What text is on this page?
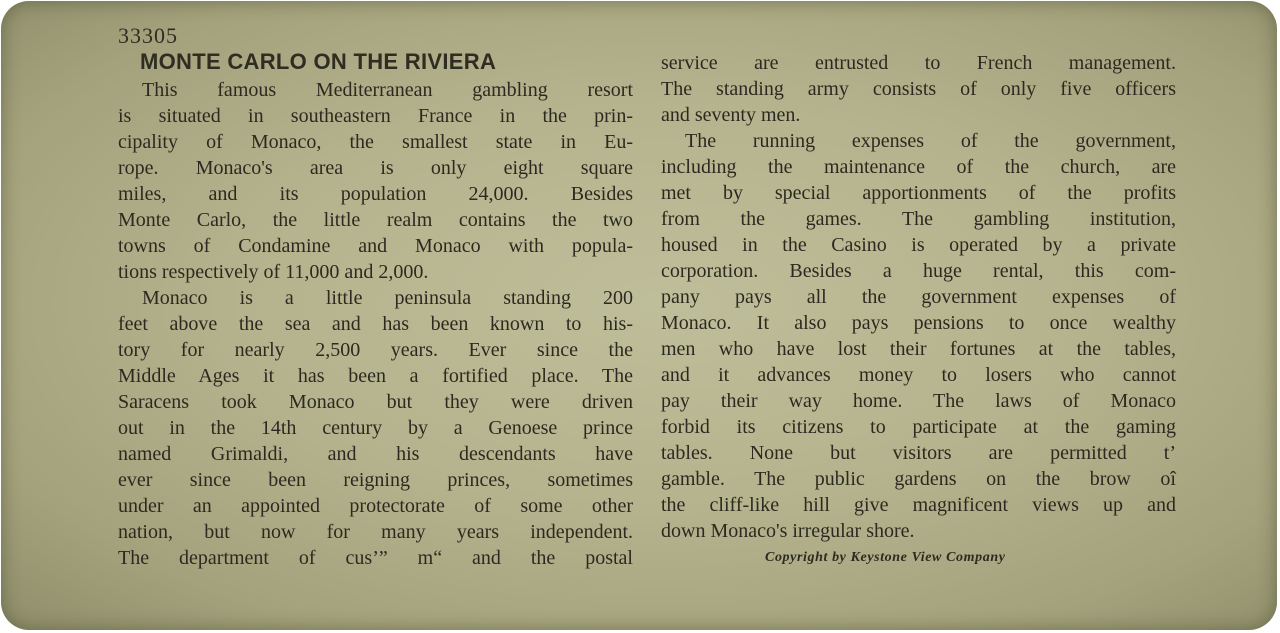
33305
MONTE CARLO ON THE RIVIERA
This famous Mediterranean gambling resort
is situated in southeastern France in the prin-
cipality of Monaco, the smallest state in Eu-
rope. Monaco's area is only eight square
miles, and its population 24,000. Besides
Monte Carlo, the little realm contains the two
towns of Condamine and Monaco with popula-
tions respectively of 11,000 and 2,000.
Monaco is a little peninsula standing 200
feet above the sea and has been known to his-
tory for nearly 2,500 years. Ever since the
Middle Ages it has been a fortified place. The
Saracens took Monaco but they were driven
out in the 14th century by a Genoese prince
named Grimaldi, and his descendants have
ever since been reigning princes, sometimes
under an appointed protectorate of some other
nation, but now for many years independent.
The department of cus’” m“ and the postal
service are entrusted to French management.
The standing army consists of only five officers
and seventy men.
The running expenses of the government,
including the maintenance of the church, are
met by special apportionments of the profits
from the games. The gambling institution,
housed in the Casino is operated by a private
corporation. Besides a huge rental, this com-
pany pays all the government expenses of
Monaco. It also pays pensions to once wealthy
men who have lost their fortunes at the tables,
and it advances money to losers who cannot
pay their way home. The laws of Monaco
forbid its citizens to participate at the gaming
tables. None but visitors are permitted t’
gamble. The public gardens on the brow oî
the cliff-like hill give magnificent views up and
down Monaco's irregular shore.
Copyright by Keystone View Company
